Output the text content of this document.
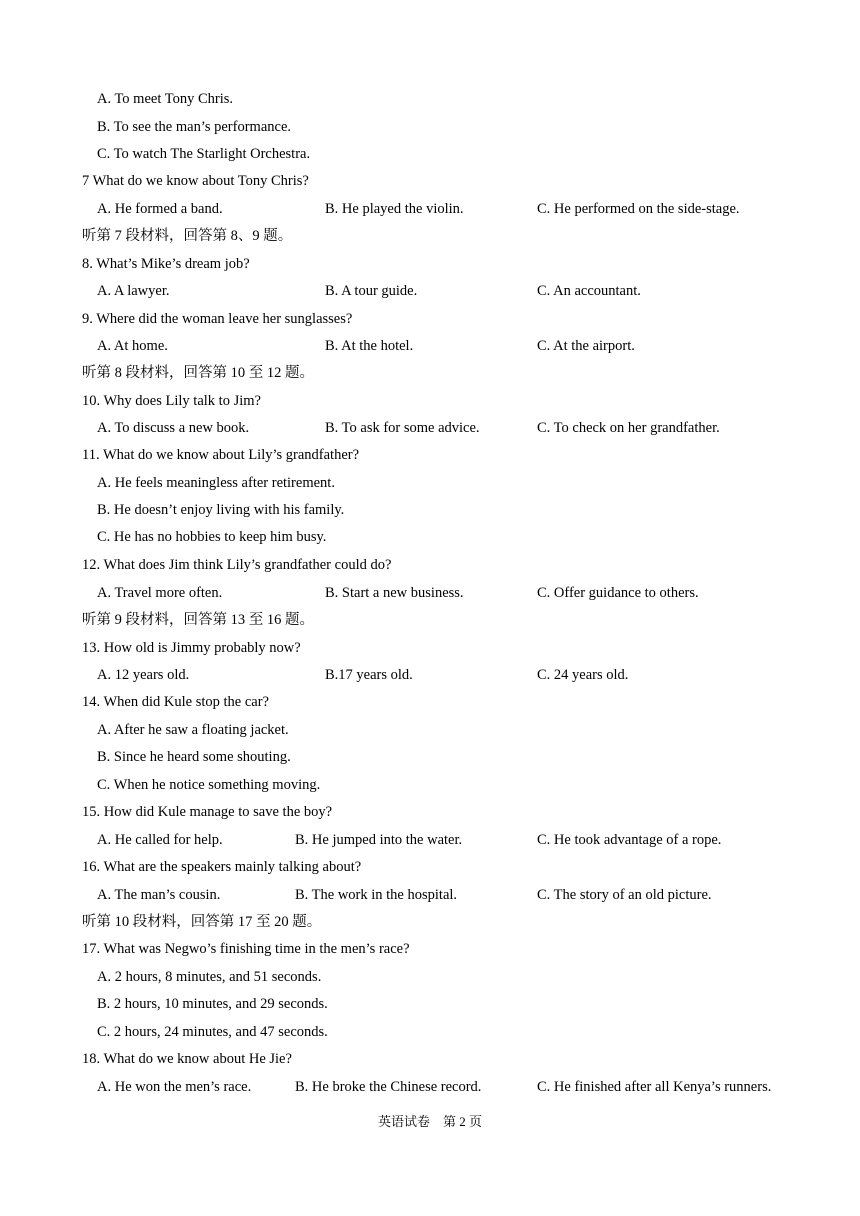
A. To meet Tony Chris.
B. To see the man’s performance.
C. To watch The Starlight Orchestra.
7 What do we know about Tony Chris?
A. He formed a band.	B. He played the violin.	C. He performed on the side-stage.
听第 7 段材料，回答第 8、9 题。
8. What’s Mike’s dream job?
A. A lawyer.	B. A tour guide.	C. An accountant.
9. Where did the woman leave her sunglasses?
A. At home.	B. At the hotel.	C. At the airport.
听第 8 段材料，回答第 10 至 12 题。
10. Why does Lily talk to Jim?
A. To discuss a new book.	B. To ask for some advice.	C. To check on her grandfather.
11. What do we know about Lily’s grandfather?
A. He feels meaningless after retirement.
B. He doesn’t enjoy living with his family.
C. He has no hobbies to keep him busy.
12. What does Jim think Lily’s grandfather could do?
A. Travel more often.	B. Start a new business.	C. Offer guidance to others.
听第 9 段材料，回答第 13 至 16 题。
13. How old is Jimmy probably now?
A. 12 years old.	B.17 years old.	C. 24 years old.
14. When did Kule stop the car?
A. After he saw a floating jacket.
B. Since he heard some shouting.
C. When he notice something moving.
15. How did Kule manage to save the boy?
A. He called for help.	B. He jumped into the water.	C. He took advantage of a rope.
16. What are the speakers mainly talking about?
A. The man’s cousin.	B. The work in the hospital.	C. The story of an old picture.
听第 10 段材料，回答第 17 至 20 题。
17. What was Negwo’s finishing time in the men’s race?
A. 2 hours, 8 minutes, and 51 seconds.
B. 2 hours, 10 minutes, and 29 seconds.
C. 2 hours, 24 minutes, and 47 seconds.
18. What do we know about He Jie?
A. He won the men’s race.	B. He broke the Chinese record.	C. He finished after all Kenya’s runners.
英语试卷    第 2 页
